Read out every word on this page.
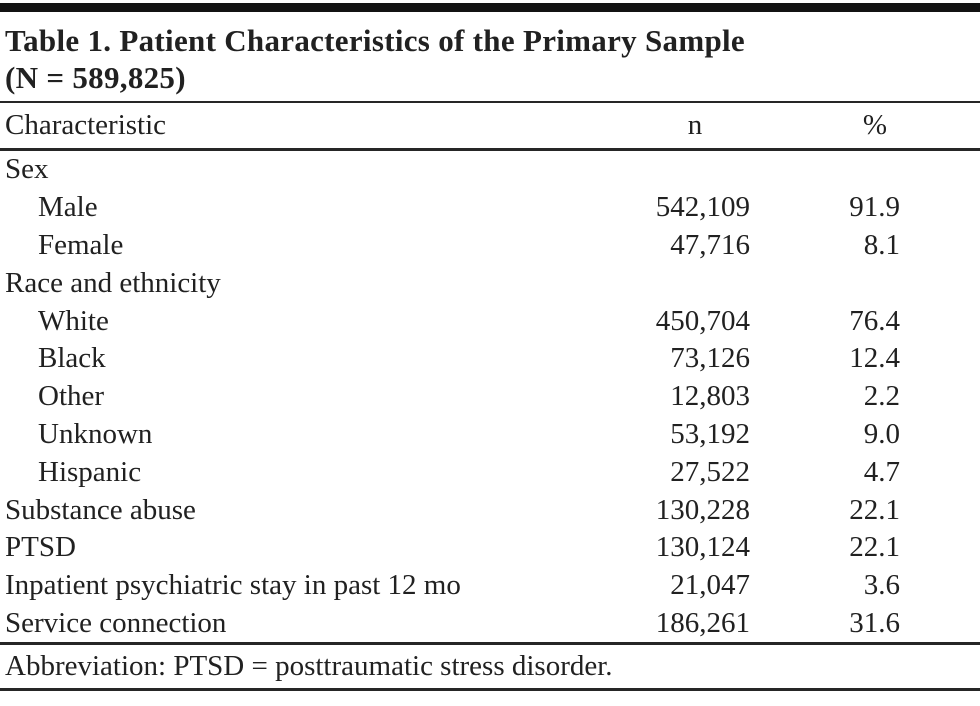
Table 1. Patient Characteristics of the Primary Sample
(N = 589,825)
Characteristic	n	%
Sex
Male	542,109	91.9
Female	47,716	8.1
Race and ethnicity
White	450,704	76.4
Black	73,126	12.4
Other	12,803	2.2
Unknown	53,192	9.0
Hispanic	27,522	4.7
Substance abuse	130,228	22.1
PTSD	130,124	22.1
Inpatient psychiatric stay in past 12 mo	21,047	3.6
Service connection	186,261	31.6
Abbreviation: PTSD = posttraumatic stress disorder.
